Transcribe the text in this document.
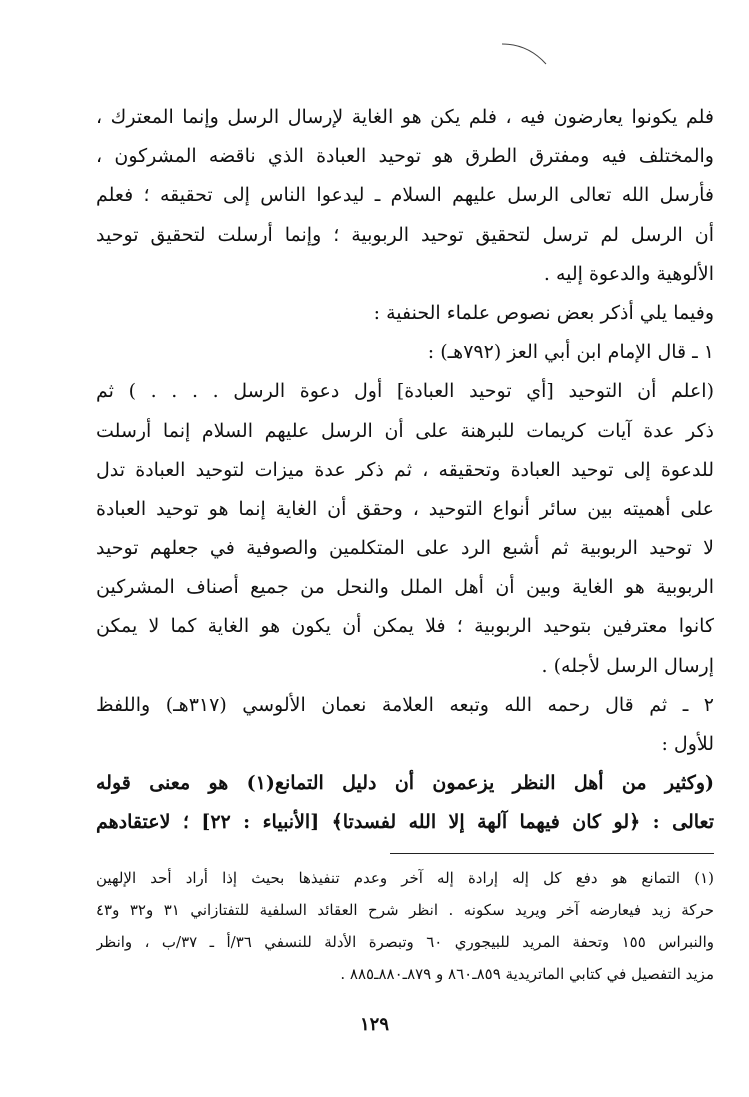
فلم يكونوا يعارضون فيه ، فلم يكن هو الغاية لإرسال الرسل وإنما المعترك ،
والمختلف فيه ومفترق الطرق هو توحيد العبادة الذي ناقضه المشركون ،
فأرسل الله تعالى الرسل عليهم السلام ـ ليدعوا الناس إلى تحقيقه ؛ فعلم
أن الرسل لم ترسل لتحقيق توحيد الربوبية ؛ وإنما أرسلت لتحقيق توحيد
الألوهية والدعوة إليه .
وفيما يلي أذكر بعض نصوص علماء الحنفية :
١ ـ قال الإمام ابن أبي العز (٧٩٢هـ) :
(اعلم أن التوحيد [أي توحيد العبادة] أول دعوة الرسل . . . . ) ثم
ذكر عدة آيات كريمات للبرهنة على أن الرسل عليهم السلام إنما أرسلت
للدعوة إلى توحيد العبادة وتحقيقه ، ثم ذكر عدة ميزات لتوحيد العبادة تدل
على أهميته بين سائر أنواع التوحيد ، وحقق أن الغاية إنما هو توحيد العبادة
لا توحيد الربوبية ثم أشبع الرد على المتكلمين والصوفية في جعلهم توحيد
الربوبية هو الغاية وبين أن أهل الملل والنحل من جميع أصناف المشركين
كانوا معترفين بتوحيد الربوبية ؛ فلا يمكن أن يكون هو الغاية كما لا يمكن
إرسال الرسل لأجله) .
٢ ـ ثم قال رحمه الله وتبعه العلامة نعمان الألوسي (٣١٧هـ) واللفظ
للأول :
(وكثير من أهل النظر يزعمون أن دليل التمانع(١) هو معنى قوله
تعالى : ﴿لو كان فيهما آلهة إلا الله لفسدتا﴾ [الأنبياء : ٢٢] ؛ لاعتقادهم
(١) التمانع هو دفع كل إله إرادة إله آخر وعدم تنفيذها بحيث إذا أراد أحد الإلهين
حركة زيد فيعارضه آخر ويريد سكونه . انظر شرح العقائد السلفية للتفتازاني ٣١ و٣٢ و٤٣
والنبراس ١٥٥ وتحفة المريد للبيجوري ٦٠ وتبصرة الأدلة للنسفي ٣٦/أ ـ ٣٧/ب ، وانظر
مزيد التفصيل في كتابي الماتريدية ٨٥٩ـ٨٦٠ و ٨٧٩ـ٨٨٠ـ٨٨٥ .
١٢٩
